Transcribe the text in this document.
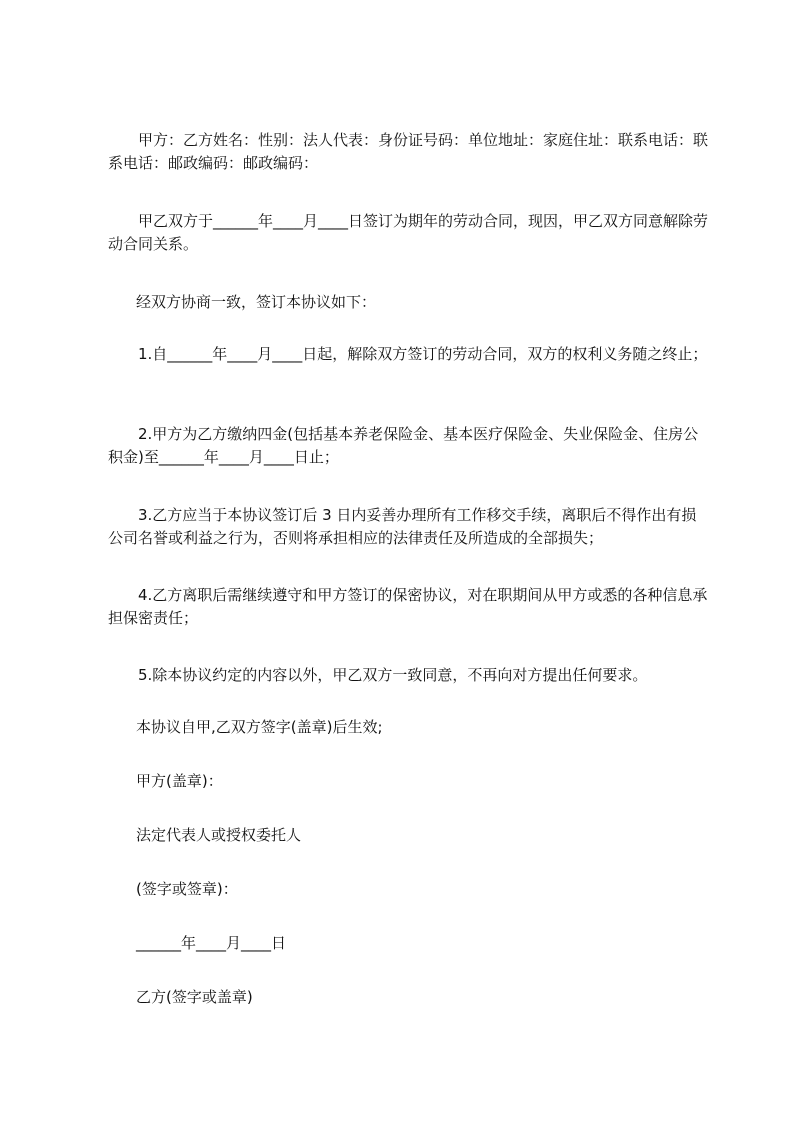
甲方：乙方姓名：性别：法人代表：身份证号码：单位地址：家庭住址：联系电话：联系电话：邮政编码：邮政编码：

甲乙双方于______年____月____日签订为期年的劳动合同，现因，甲乙双方同意解除劳动合同关系。

经双方协商一致，签订本协议如下：

1.自______年____月____日起，解除双方签订的劳动合同，双方的权利义务随之终止；

2.甲方为乙方缴纳四金(包括基本养老保险金、基本医疗保险金、失业保险金、住房公积金)至______年____月____日止；

3.乙方应当于本协议签订后 3 日内妥善办理所有工作移交手续，离职后不得作出有损公司名誉或利益之行为，否则将承担相应的法律责任及所造成的全部损失；

4.乙方离职后需继续遵守和甲方签订的保密协议，对在职期间从甲方或悉的各种信息承担保密责任；

5.除本协议约定的内容以外，甲乙双方一致同意，不再向对方提出任何要求。

本协议自甲,乙双方签字(盖章)后生效;

甲方(盖章)：

法定代表人或授权委托人

(签字或签章)：

______年____月____日

乙方(签字或盖章)
